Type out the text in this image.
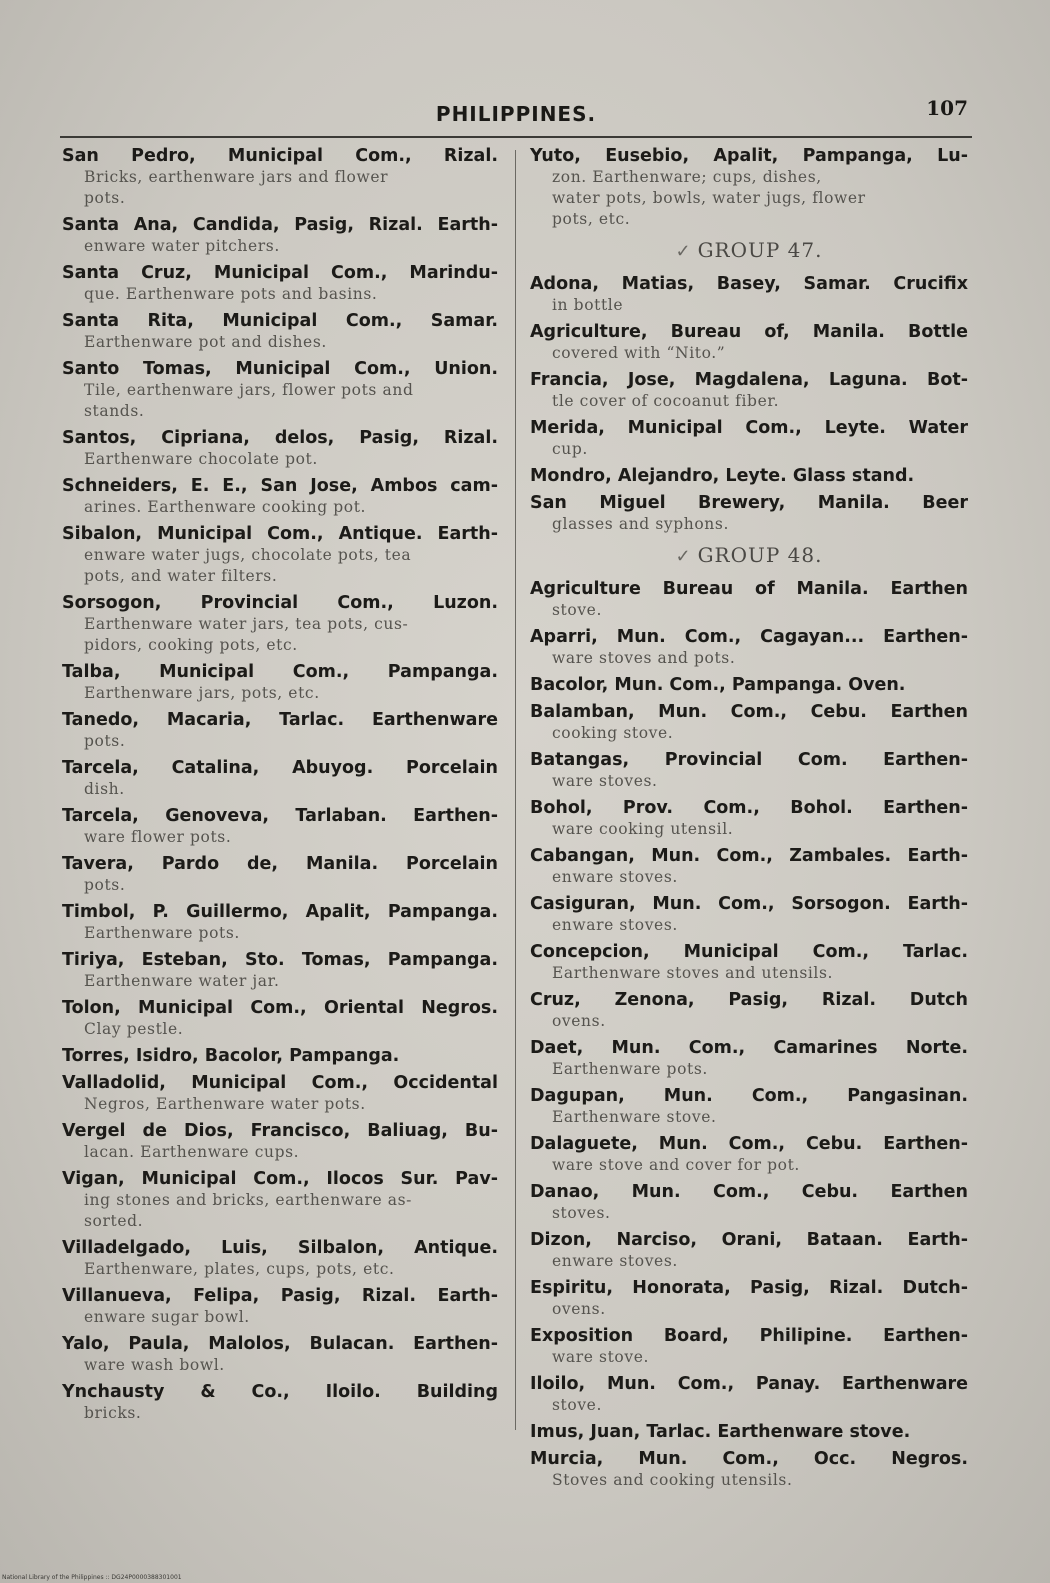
PHILIPPINES.	107
San Pedro, Municipal Com., Rizal.
Bricks, earthenware jars and flower
pots.
Santa Ana, Candida, Pasig, Rizal. Earth-
enware water pitchers.
Santa Cruz, Municipal Com., Marindu-
que. Earthenware pots and basins.
Santa Rita, Municipal Com., Samar.
Earthenware pot and dishes.
Santo Tomas, Municipal Com., Union.
Tile, earthenware jars, flower pots and
stands.
Santos, Cipriana, delos, Pasig, Rizal.
Earthenware chocolate pot.
Schneiders, E. E., San Jose, Ambos cam-
arines. Earthenware cooking pot.
Sibalon, Municipal Com., Antique. Earth-
enware water jugs, chocolate pots, tea
pots, and water filters.
Sorsogon, Provincial Com., Luzon.
Earthenware water jars, tea pots, cus-
pidors, cooking pots, etc.
Talba, Municipal Com., Pampanga.
Earthenware jars, pots, etc.
Tanedo, Macaria, Tarlac. Earthenware
pots.
Tarcela, Catalina, Abuyog. Porcelain
dish.
Tarcela, Genoveva, Tarlaban. Earthen-
ware flower pots.
Tavera, Pardo de, Manila. Porcelain
pots.
Timbol, P. Guillermo, Apalit, Pampanga.
Earthenware pots.
Tiriya, Esteban, Sto. Tomas, Pampanga.
Earthenware water jar.
Tolon, Municipal Com., Oriental Negros.
Clay pestle.
Torres, Isidro, Bacolor, Pampanga.
Valladolid, Municipal Com., Occidental
Negros, Earthenware water pots.
Vergel de Dios, Francisco, Baliuag, Bu-
lacan. Earthenware cups.
Vigan, Municipal Com., Ilocos Sur. Pav-
ing stones and bricks, earthenware as-
sorted.
Villadelgado, Luis, Silbalon, Antique.
Earthenware, plates, cups, pots, etc.
Villanueva, Felipa, Pasig, Rizal. Earth-
enware sugar bowl.
Yalo, Paula, Malolos, Bulacan. Earthen-
ware wash bowl.
Ynchausty & Co., Iloilo. Building
bricks.
Yuto, Eusebio, Apalit, Pampanga, Lu-
zon. Earthenware; cups, dishes,
water pots, bowls, water jugs, flower
pots, etc.
✓ GROUP 47.
Adona, Matias, Basey, Samar. Crucifix
in bottle
Agriculture, Bureau of, Manila. Bottle
covered with “Nito.”
Francia, Jose, Magdalena, Laguna. Bot-
tle cover of cocoanut fiber.
Merida, Municipal Com., Leyte. Water
cup.
Mondro, Alejandro, Leyte. Glass stand.
San Miguel Brewery, Manila. Beer
glasses and syphons.
✓ GROUP 48.
Agriculture Bureau of Manila. Earthen
stove.
Aparri, Mun. Com., Cagayan... Earthen-
ware stoves and pots.
Bacolor, Mun. Com., Pampanga. Oven.
Balamban, Mun. Com., Cebu. Earthen
cooking stove.
Batangas, Provincial Com. Earthen-
ware stoves.
Bohol, Prov. Com., Bohol. Earthen-
ware cooking utensil.
Cabangan, Mun. Com., Zambales. Earth-
enware stoves.
Casiguran, Mun. Com., Sorsogon. Earth-
enware stoves.
Concepcion, Municipal Com., Tarlac.
Earthenware stoves and utensils.
Cruz, Zenona, Pasig, Rizal. Dutch
ovens.
Daet, Mun. Com., Camarines Norte.
Earthenware pots.
Dagupan, Mun. Com., Pangasinan.
Earthenware stove.
Dalaguete, Mun. Com., Cebu. Earthen-
ware stove and cover for pot.
Danao, Mun. Com., Cebu. Earthen
stoves.
Dizon, Narciso, Orani, Bataan. Earth-
enware stoves.
Espiritu, Honorata, Pasig, Rizal. Dutch-
ovens.
Exposition Board, Philipine. Earthen-
ware stove.
Iloilo, Mun. Com., Panay. Earthenware
stove.
Imus, Juan, Tarlac. Earthenware stove.
Murcia, Mun. Com., Occ. Negros.
Stoves and cooking utensils.
National Library of the Philippines :: DG24P0000388301001
